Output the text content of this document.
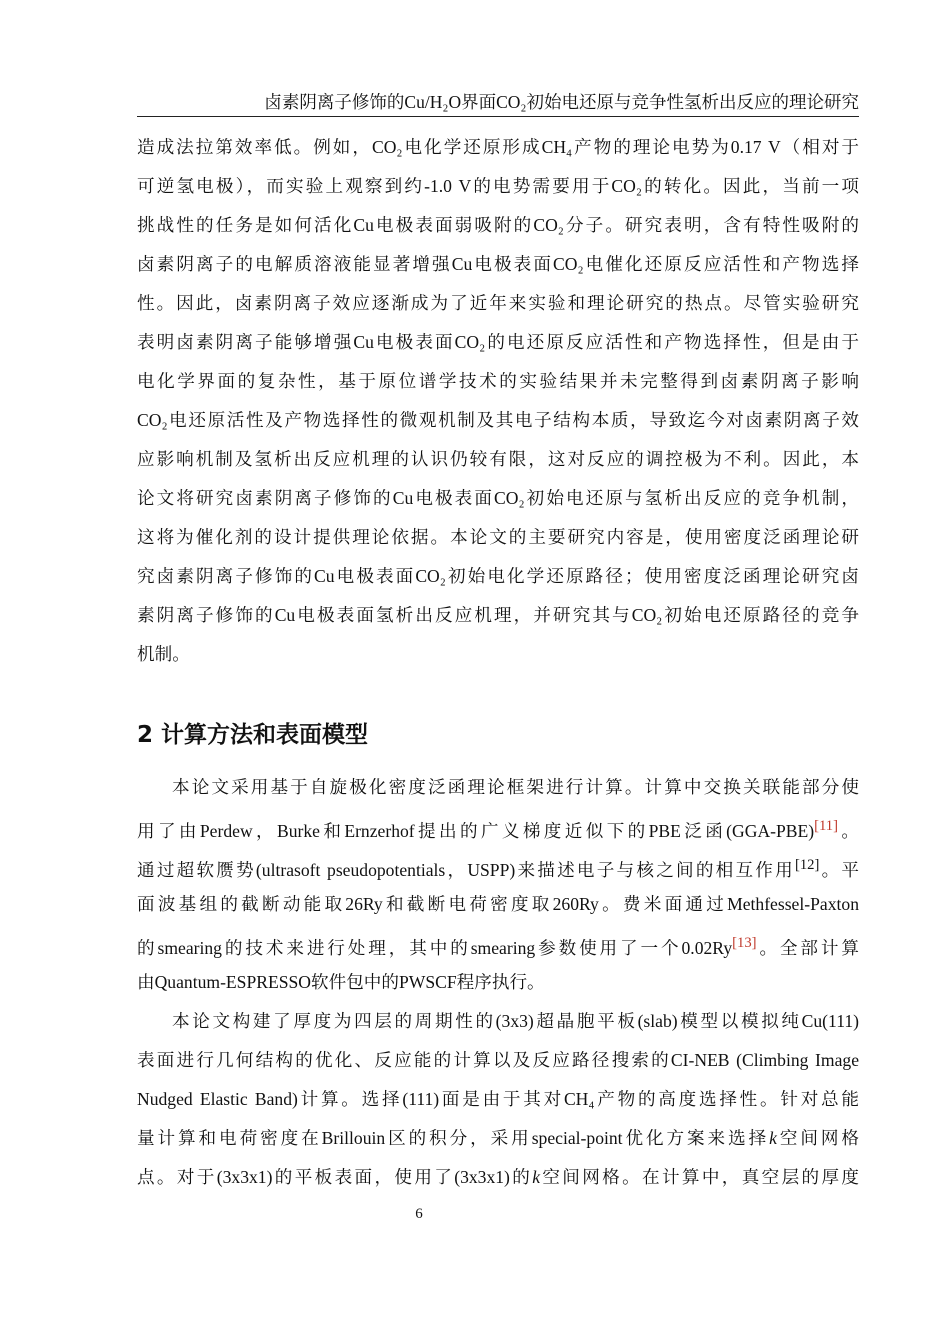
卤素阴离子修饰的Cu/H₂O界面CO₂初始电还原与竞争性氢析出反应的理论研究
造成法拉第效率低。例如，CO₂电化学还原形成CH₄产物的理论电势为0.17 V（相对于
可逆氢电极），而实验上观察到约-1.0 V的电势需要用于CO₂的转化。因此，当前一项
挑战性的任务是如何活化Cu电极表面弱吸附的CO₂分子。研究表明，含有特性吸附的
卤素阴离子的电解质溶液能显著增强Cu电极表面CO₂电催化还原反应活性和产物选择
性。因此，卤素阴离子效应逐渐成为了近年来实验和理论研究的热点。尽管实验研究
表明卤素阴离子能够增强Cu电极表面CO₂的电还原反应活性和产物选择性，但是由于
电化学界面的复杂性，基于原位谱学技术的实验结果并未完整得到卤素阴离子影响
CO₂电还原活性及产物选择性的微观机制及其电子结构本质，导致迄今对卤素阴离子效
应影响机制及氢析出反应机理的认识仍较有限，这对反应的调控极为不利。因此，本
论文将研究卤素阴离子修饰的Cu电极表面CO₂初始电还原与氢析出反应的竞争机制，
这将为催化剂的设计提供理论依据。本论文的主要研究内容是，使用密度泛函理论研
究卤素阴离子修饰的Cu电极表面CO₂初始电化学还原路径；使用密度泛函理论研究卤
素阴离子修饰的Cu电极表面氢析出反应机理，并研究其与CO₂初始电还原路径的竞争
机制。
2 计算方法和表面模型
本论文采用基于自旋极化密度泛函理论框架进行计算。计算中交换关联能部分使
用了由Perdew，Burke和Ernzerhof提出的广义梯度近似下的PBE泛函(GGA-PBE)[11]。
通过超软赝势(ultrasoft pseudopotentials，USPP)来描述电子与核之间的相互作用[12]。平
面波基组的截断动能取26Ry和截断电荷密度取260Ry。费米面通过Methfessel-Paxton
的smearing的技术来进行处理，其中的smearing参数使用了一个0.02Ry[13]。全部计算
由Quantum-ESPRESSO软件包中的PWSCF程序执行。
本论文构建了厚度为四层的周期性的(3x3)超晶胞平板(slab)模型以模拟纯Cu(111)
表面进行几何结构的优化、反应能的计算以及反应路径搜索的CI-NEB (Climbing Image
Nudged Elastic Band)计算。选择(111)面是由于其对CH₄产物的高度选择性。针对总能
量计算和电荷密度在Brillouin区的积分，采用special-point优化方案来选择k空间网格
点。对于(3x3x1)的平板表面，使用了(3x3x1)的k空间网格。在计算中，真空层的厚度
6
